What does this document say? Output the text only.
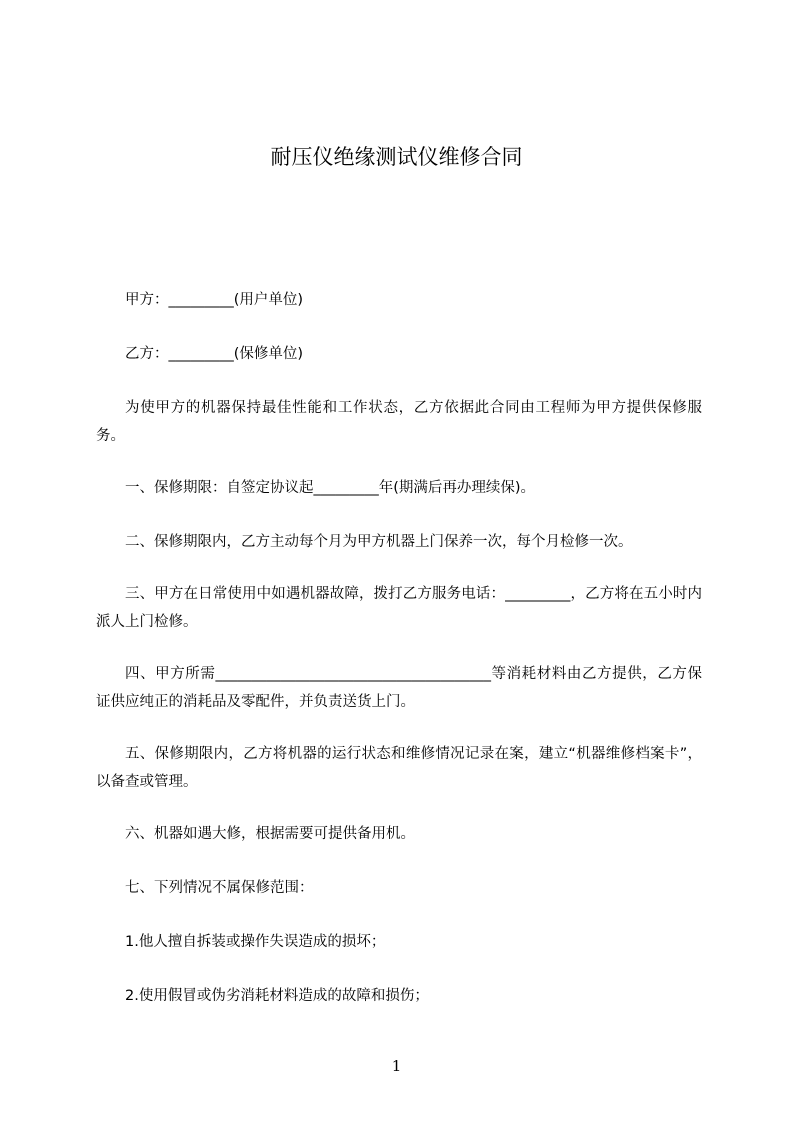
耐压仪绝缘测试仪维修合同

甲方：_________(用户单位)

乙方：_________(保修单位)

为使甲方的机器保持最佳性能和工作状态，乙方依据此合同由工程师为甲方提供保修服务。

一、保修期限：自签定协议起_________年(期满后再办理续保)。

二、保修期限内，乙方主动每个月为甲方机器上门保养一次，每个月检修一次。

三、甲方在日常使用中如遇机器故障，拨打乙方服务电话：_________，乙方将在五小时内派人上门检修。

四、甲方所需______________________________________等消耗材料由乙方提供，乙方保证供应纯正的消耗品及零配件，并负责送货上门。

五、保修期限内，乙方将机器的运行状态和维修情况记录在案，建立“机器维修档案卡”，以备查或管理。

六、机器如遇大修，根据需要可提供备用机。

七、下列情况不属保修范围：

1.他人擅自拆装或操作失误造成的损坏；

2.使用假冒或伪劣消耗材料造成的故障和损伤；

1
